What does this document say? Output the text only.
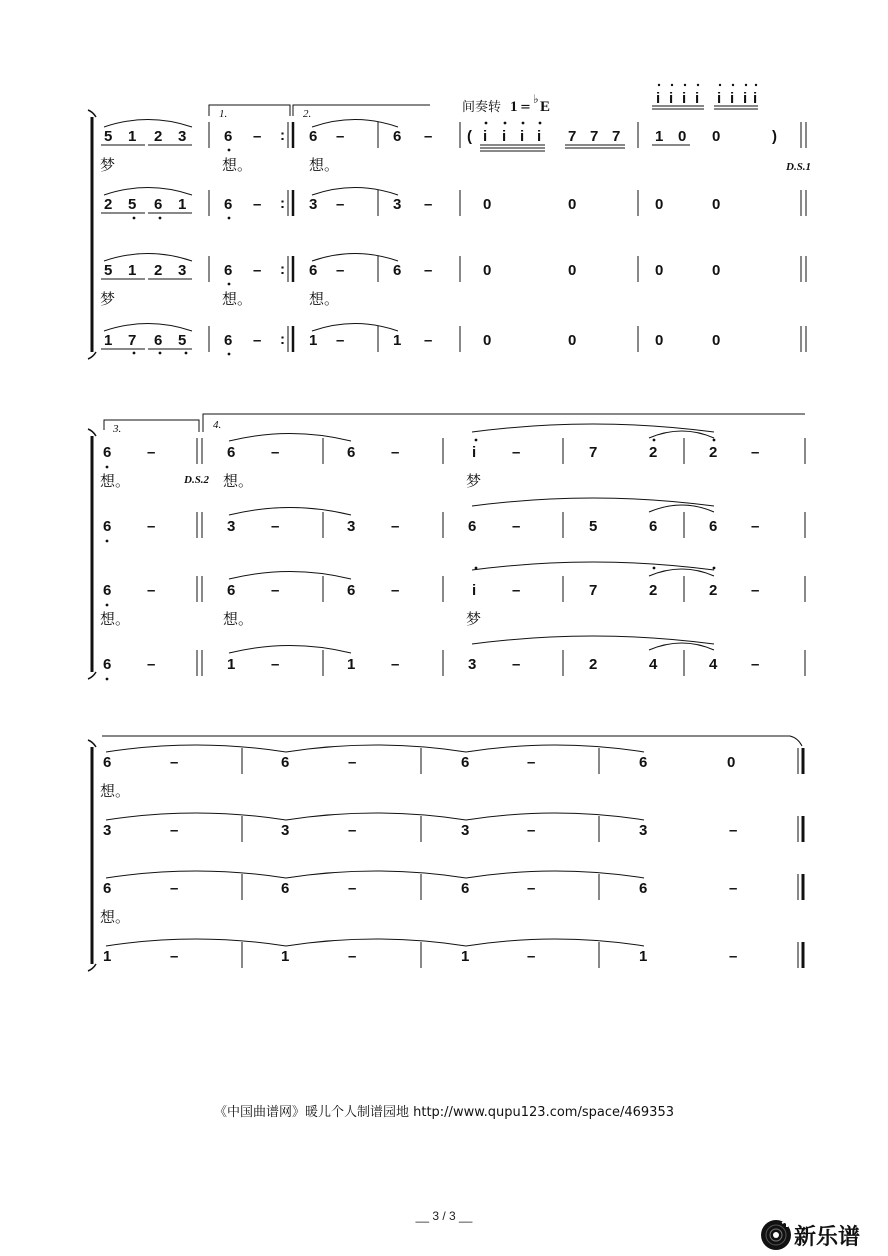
间奏转 1 =
♭ E
1.	2.
3.	4.
D.S.1
D.S.2
5 1 2 3	6 – : 6 –	6 – ( i i i i 7 7 7 1 0 0	)
i i i i i i i i
梦	想。	想。
2 5 6 1	6 – : 3 –	3 –	0	0	0	0
5 1 2 3	6 – : 6 –	6 –	0	0	0	0
梦	想。	想。
1 7 6 5	6 – : 1 –	1 –	0	0	0	0
6 –	6 –	6 –	i –	7	2	2 –
想。	想。	梦
6 –	3 –	3 –	6 –	5	6	6 –
6 –	6 –	6 –	i –	7	2	2 –
想。	想。	梦
6 –	1 –	1 –	3 –	2	4	4 –
6	–	6	–	6	–	6	0
想。
3	–	3	–	3	–	3	–
6	–	6	–	6	–	6	–
想。
1	–	1	–	1	–	1	–
《中国曲谱网》暖儿个人制谱园地 http://www.qupu123.com/space/469353
__ 3 / 3 __
新乐谱
